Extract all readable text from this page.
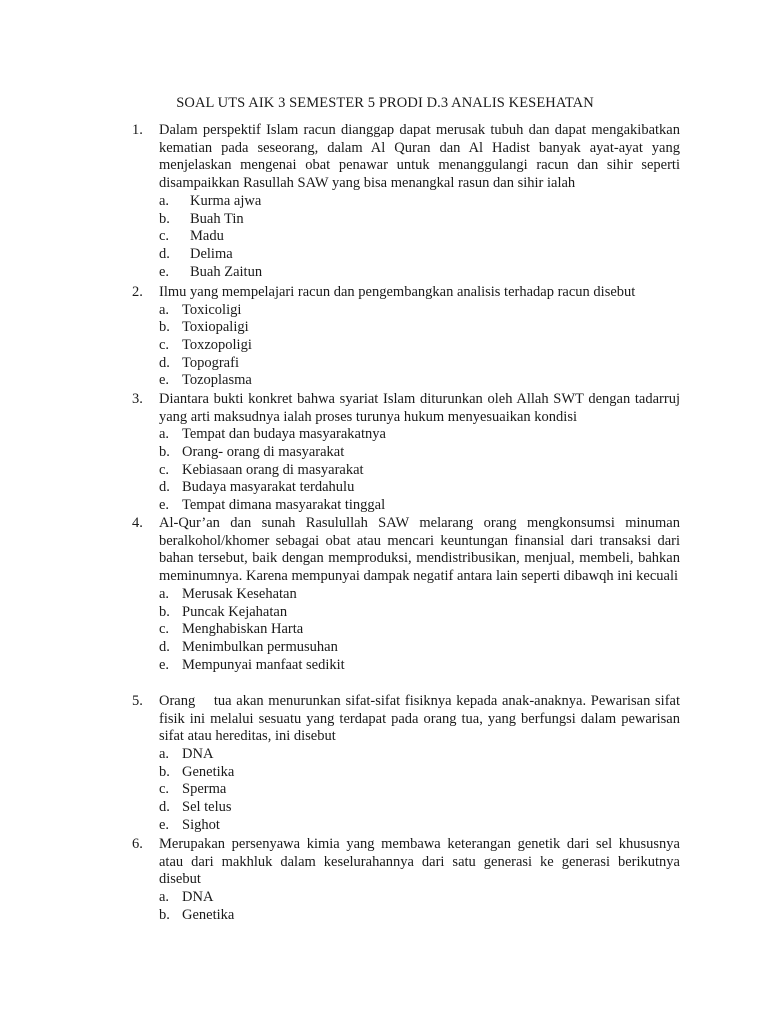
SOAL UTS AIK 3 SEMESTER 5 PRODI D.3 ANALIS KESEHATAN
1.	Dalam perspektif Islam racun dianggap dapat merusak tubuh dan dapat mengakibatkan kematian pada seseorang, dalam Al Quran dan Al Hadist banyak ayat-ayat yang menjelaskan mengenai obat penawar untuk menanggulangi racun dan sihir seperti disampaikkan Rasullah SAW yang bisa menangkal rasun dan sihir ialah
a.	Kurma ajwa
b.	Buah Tin
c.	Madu
d.	Delima
e.	Buah Zaitun
2.	Ilmu yang mempelajari racun dan pengembangkan analisis terhadap racun disebut
a. Toxicoligi
b. Toxiopaligi
c. Toxzopoligi
d. Topografi
e. Tozoplasma
3.	Diantara bukti konkret bahwa syariat Islam diturunkan oleh Allah SWT dengan tadarruj yang arti maksudnya ialah proses turunya hukum menyesuaikan kondisi
a. Tempat dan budaya masyarakatnya
b. Orang- orang di masyarakat
c. Kebiasaan orang di masyarakat
d. Budaya masyarakat terdahulu
e. Tempat dimana masyarakat tinggal
4.	Al-Qur’an dan sunah Rasulullah SAW melarang orang mengkonsumsi minuman beralkohol/khomer sebagai obat atau mencari keuntungan finansial dari transaksi dari bahan tersebut, baik dengan memproduksi, mendistribusikan, menjual, membeli, bahkan meminumnya. Karena mempunyai dampak negatif antara lain seperti dibawqh ini kecuali
a. Merusak Kesehatan
b. Puncak Kejahatan
c. Menghabiskan Harta
d. Menimbulkan permusuhan
e. Mempunyai manfaat sedikit
5.	Orang    tua akan menurunkan sifat-sifat fisiknya kepada anak-anaknya. Pewarisan sifat fisik ini melalui sesuatu yang terdapat pada orang tua, yang berfungsi dalam pewarisan sifat atau hereditas, ini disebut
a. DNA
b. Genetika
c. Sperma
d. Sel telus
e. Sighot
6.	Merupakan persenyawa kimia yang membawa keterangan genetik dari sel khususnya atau dari makhluk dalam keselurahannya dari satu generasi ke generasi berikutnya disebut
a. DNA
b. Genetika
